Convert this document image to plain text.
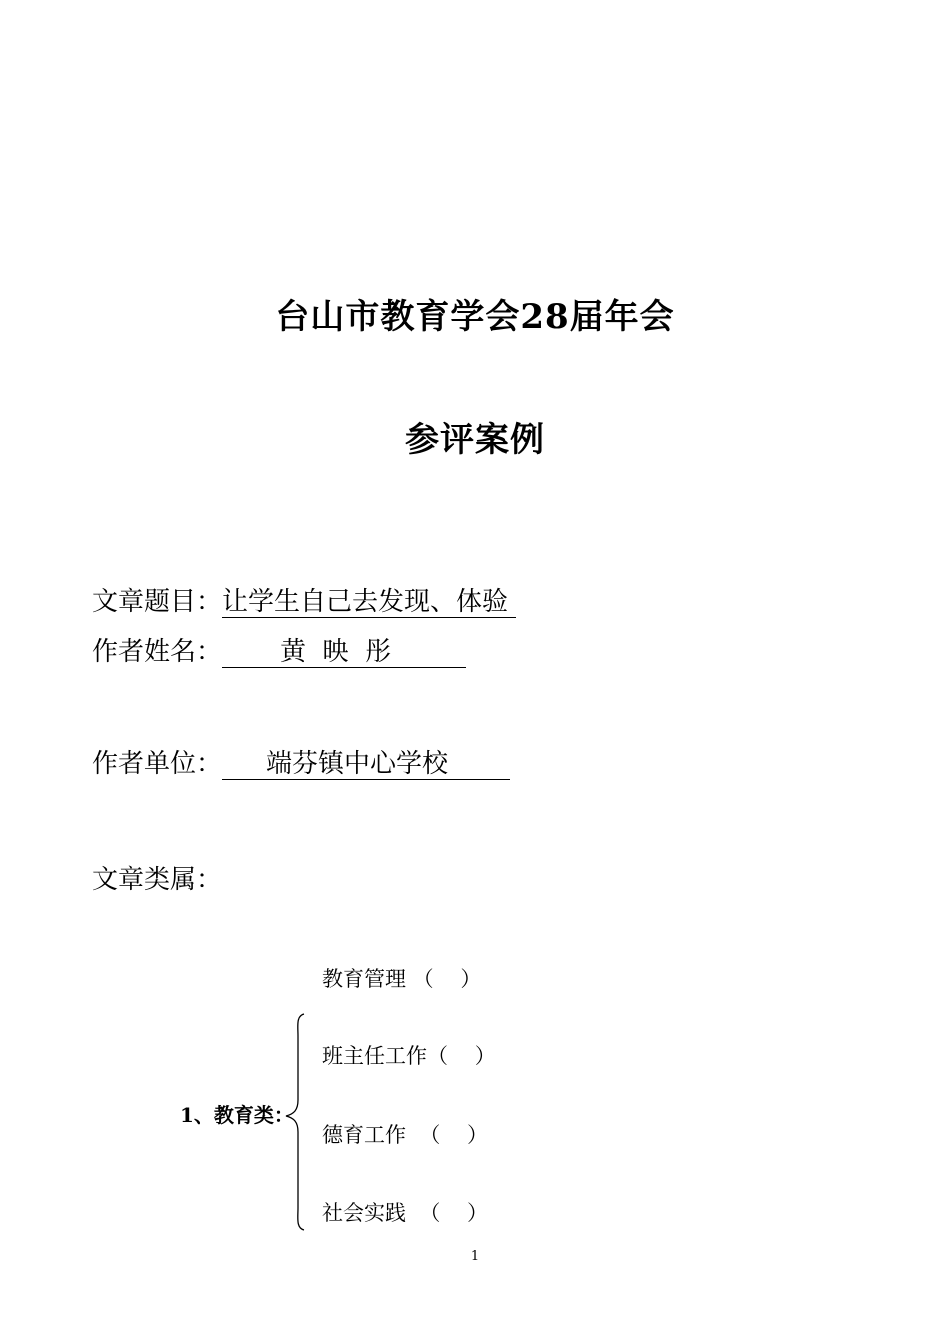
台山市教育学会28届年会
参评案例
文章题目：让学生自己去发现、体验
作者姓名： 黄  映  彤
作者单位： 端芬镇中心学校
文章类属：
教育管理 （    ）
班主任工作（    ）
德育工作  （    ）
社会实践  （    ）
1、教育类：
1
